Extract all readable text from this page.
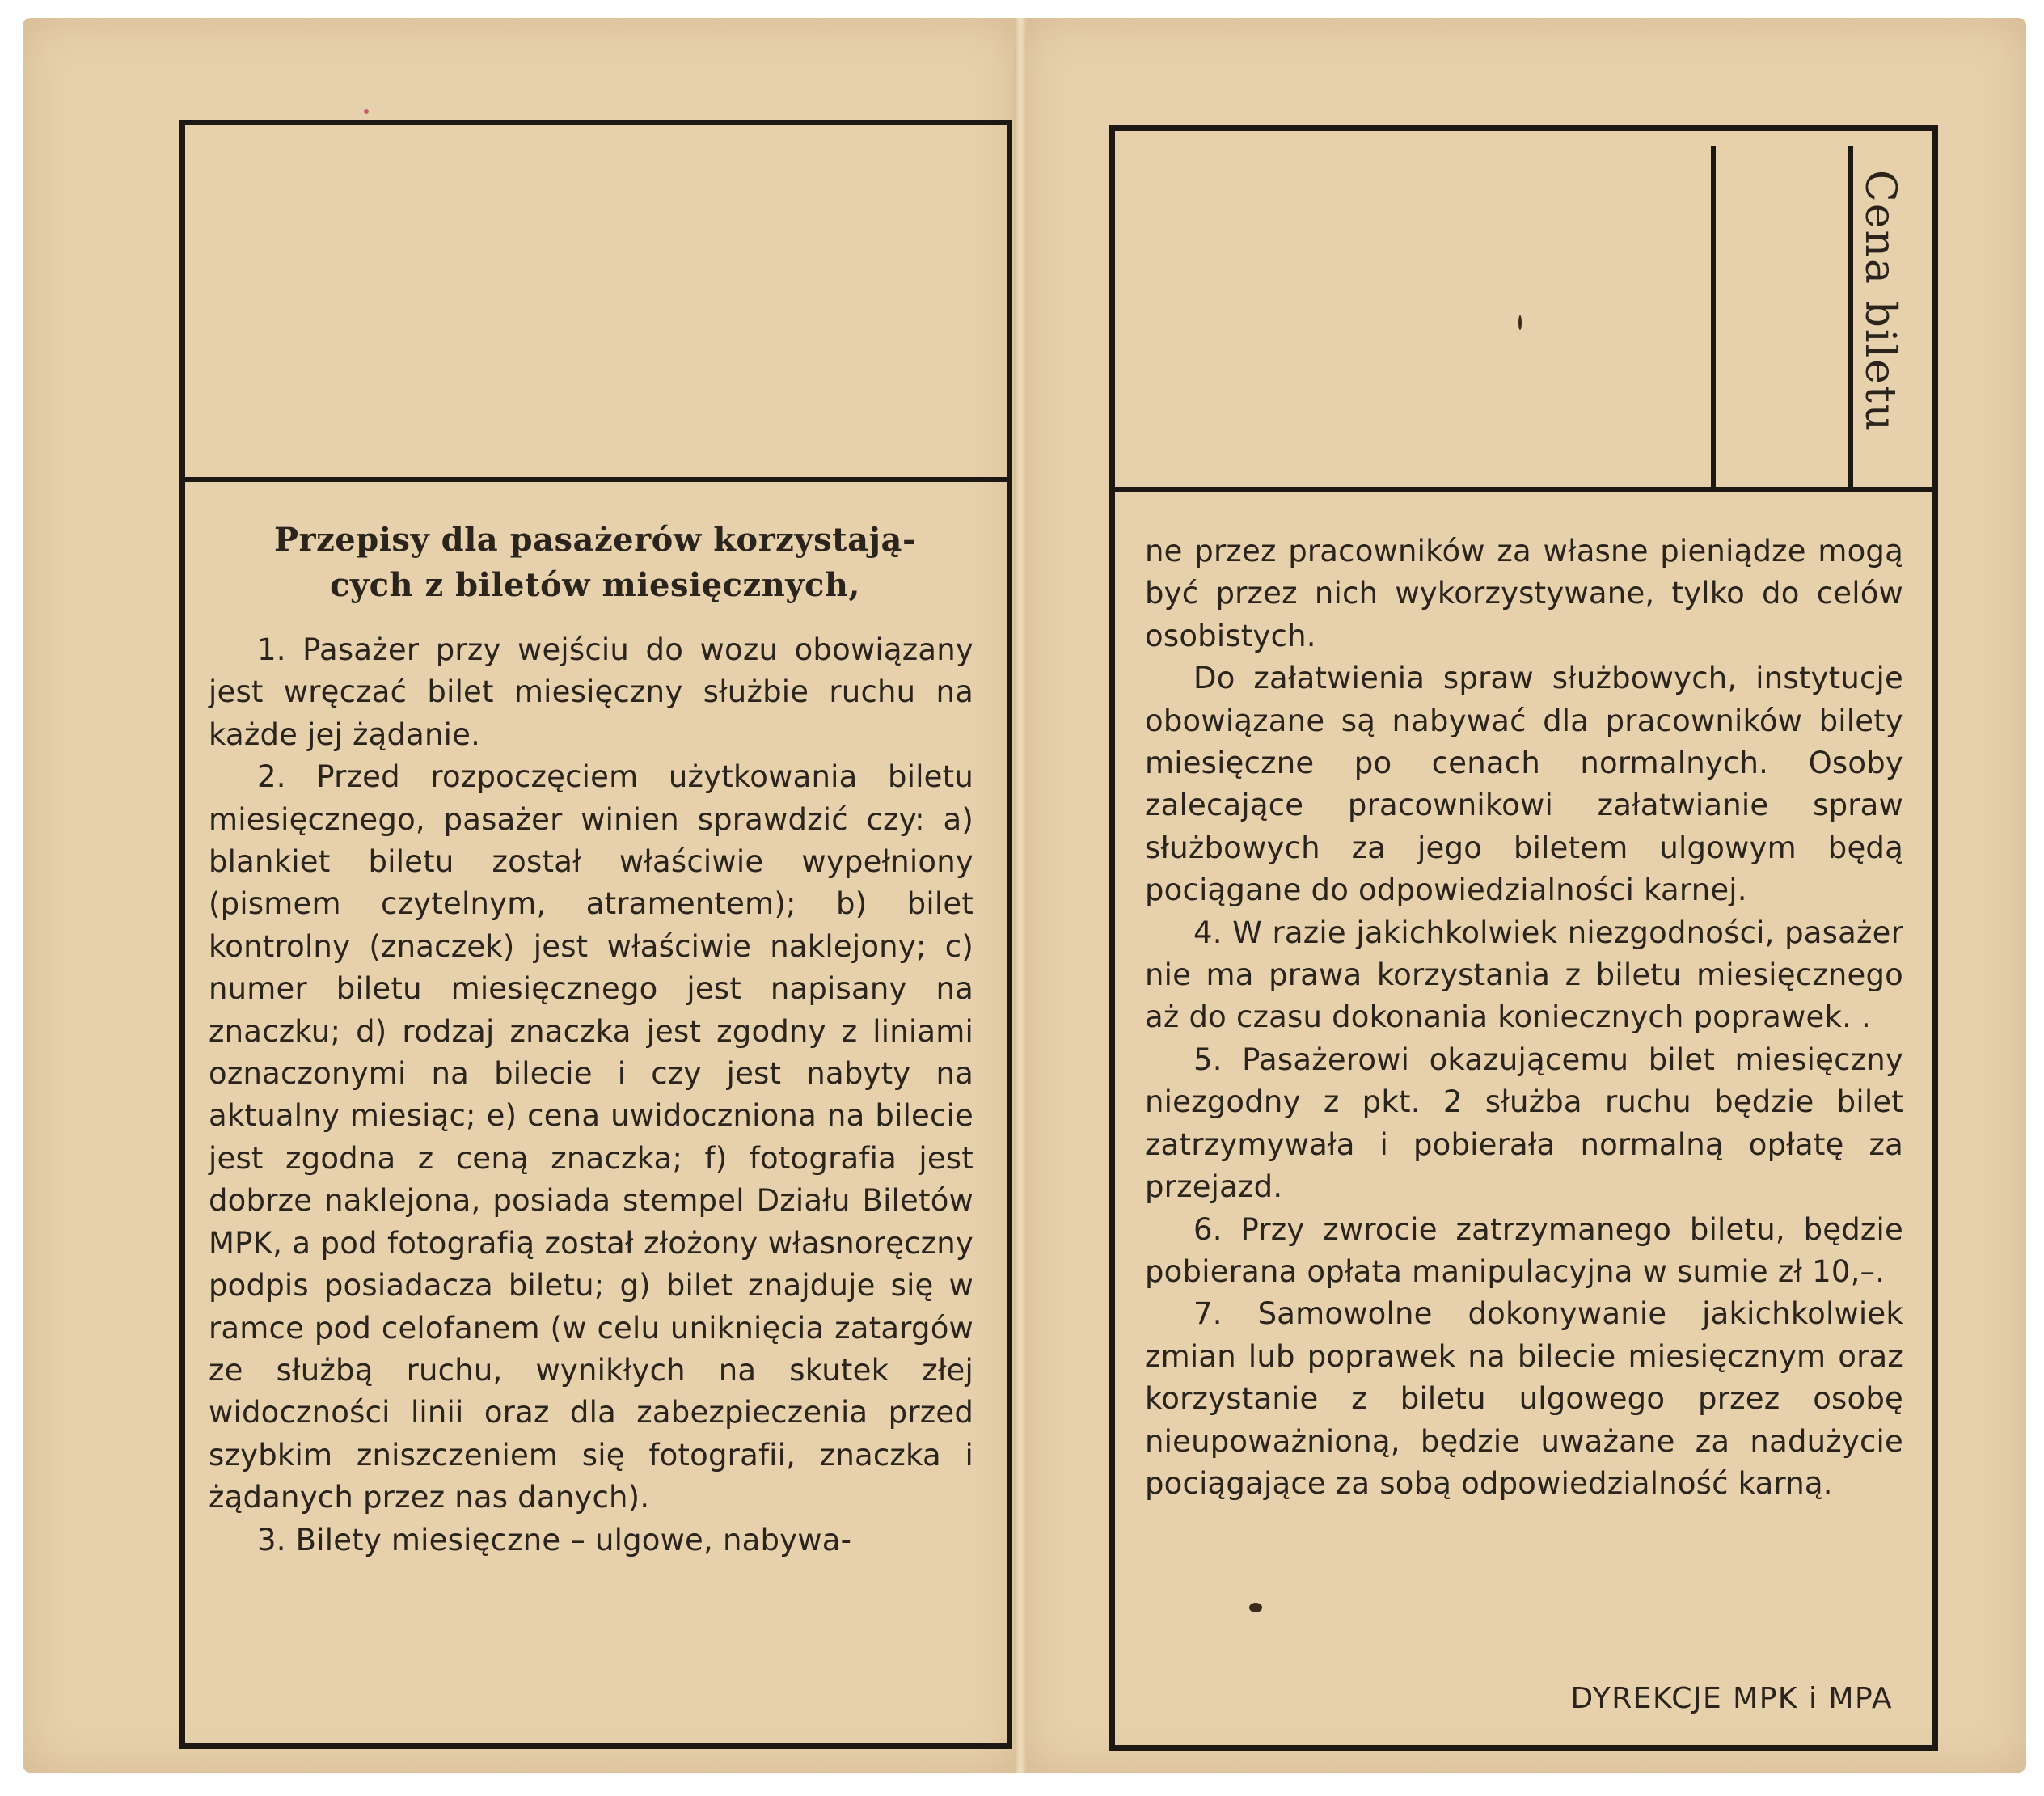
Cena biletu
Przepisy dla pasażerów korzystają-
cych z biletów miesięcznych,

1. Pasażer przy wejściu do wozu obowiązany jest wręczać bilet miesięczny służbie ruchu na każde jej żądanie.

2. Przed rozpoczęciem użytkowania biletu miesięcznego, pasażer winien sprawdzić czy: a) blankiet biletu został właściwie wypełniony (pismem czytelnym, atramentem); b) bilet kontrolny (znaczek) jest właściwie naklejony; c) numer biletu miesięcznego jest napisany na znaczku; d) rodzaj znaczka jest zgodny z liniami oznaczonymi na bilecie i czy jest nabyty na aktualny miesiąc; e) cena uwidoczniona na bilecie jest zgodna z ceną znaczka; f) fotografia jest dobrze naklejona, posiada stempel Działu Biletów MPK, a pod fotografią został złożony własnoręczny podpis posiadacza biletu; g) bilet znajduje się w ramce pod celofanem (w celu uniknięcia zatargów ze służbą ruchu, wynikłych na skutek złej widoczności linii oraz dla zabezpieczenia przed szybkim zniszczeniem się fotografii, znaczka i żądanych przez nas danych).

3. Bilety miesięczne – ulgowe, nabywa-

ne przez pracowników za własne pieniądze mogą być przez nich wykorzystywane, tylko do celów osobistych.

Do załatwienia spraw służbowych, instytucje obowiązane są nabywać dla pracowników bilety miesięczne po cenach normalnych. Osoby zalecające pracownikowi załatwianie spraw służbowych za jego biletem ulgowym będą pociągane do odpowiedzialności karnej.

4. W razie jakichkolwiek niezgodności, pasażer nie ma prawa korzystania z biletu miesięcznego aż do czasu dokonania koniecznych poprawek. .

5. Pasażerowi okazującemu bilet miesięczny niezgodny z pkt. 2 służba ruchu będzie bilet zatrzymywała i pobierała normalną opłatę za przejazd.

6. Przy zwrocie zatrzymanego biletu, będzie pobierana opłata manipulacyjna w sumie zł 10,–.

7. Samowolne dokonywanie jakichkolwiek zmian lub poprawek na bilecie miesięcznym oraz korzystanie z biletu ulgowego przez osobę nieupoważnioną, będzie uważane za nadużycie pociągające za sobą odpowiedzialność karną.

DYREKCJE MPK i MPA
